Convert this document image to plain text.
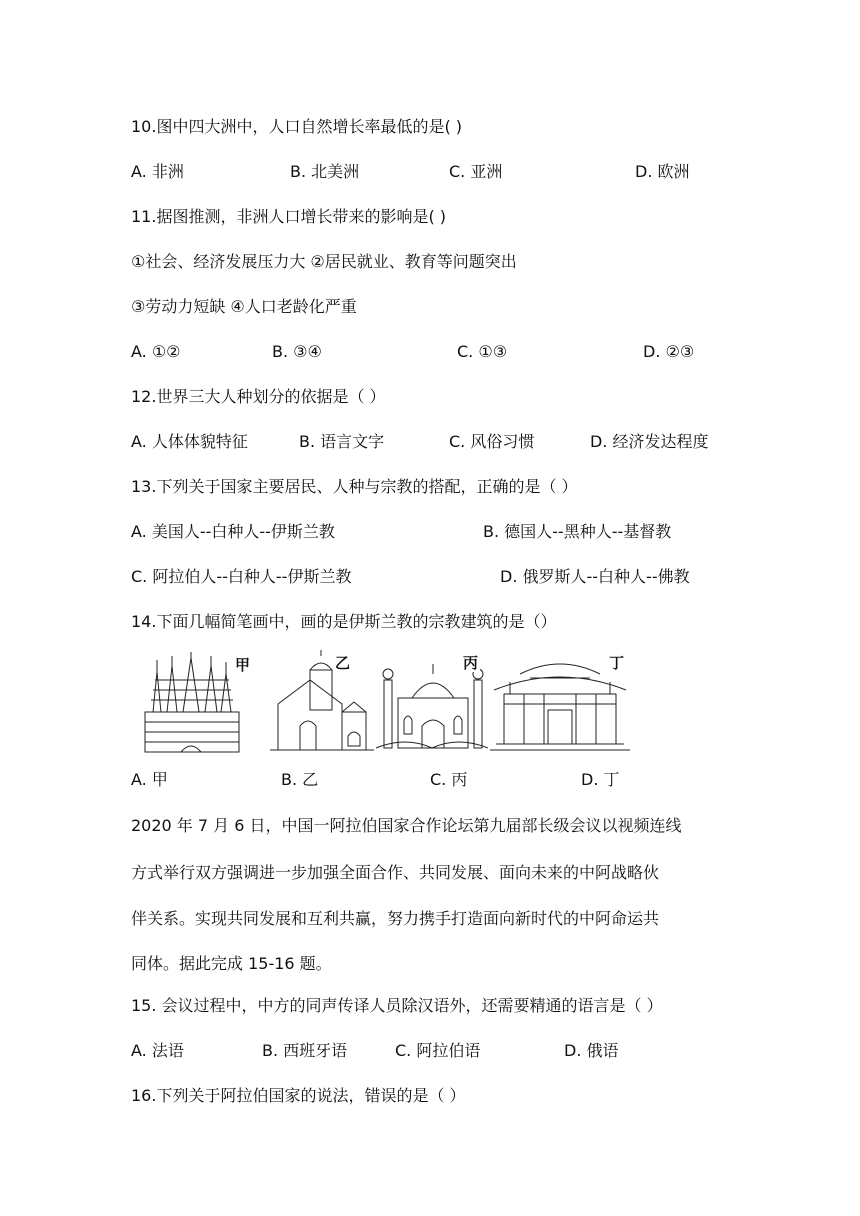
10.图中四大洲中，人口自然增长率最低的是( )
A. 非洲	B. 北美洲	C. 亚洲	D. 欧洲
11.据图推测，非洲人口增长带来的影响是( )
①社会、经济发展压力大 ②居民就业、教育等问题突出
③劳动力短缺 ④人口老龄化严重
A. ①②	B. ③④	C. ①③	D. ②③
12.世界三大人种划分的依据是（ ）
A. 人体体貌特征	B. 语言文字	C. 风俗习惯	D. 经济发达程度
13.下列关于国家主要居民、人种与宗教的搭配，正确的是（ ）
A. 美国人--白种人--伊斯兰教	B. 德国人--黑种人--基督教
C. 阿拉伯人--白种人--伊斯兰教	D. 俄罗斯人--白种人--佛教
14.下面几幅简笔画中，画的是伊斯兰教的宗教建筑的是（）
甲	乙	丙	丁
A. 甲	B. 乙	C. 丙	D. 丁
2020 年 7 月 6 日，中国一阿拉伯国家合作论坛第九届部长级会议以视频连线
方式举行双方强调进一步加强全面合作、共同发展、面向未来的中阿战略伙
伴关系。实现共同发展和互利共赢，努力携手打造面向新时代的中阿命运共
同体。据此完成 15-16 题。
15. 会议过程中，中方的同声传译人员除汉语外，还需要精通的语言是（ ）
A. 法语	B. 西班牙语	C. 阿拉伯语	D. 俄语
16.下列关于阿拉伯国家的说法，错误的是（ ）
